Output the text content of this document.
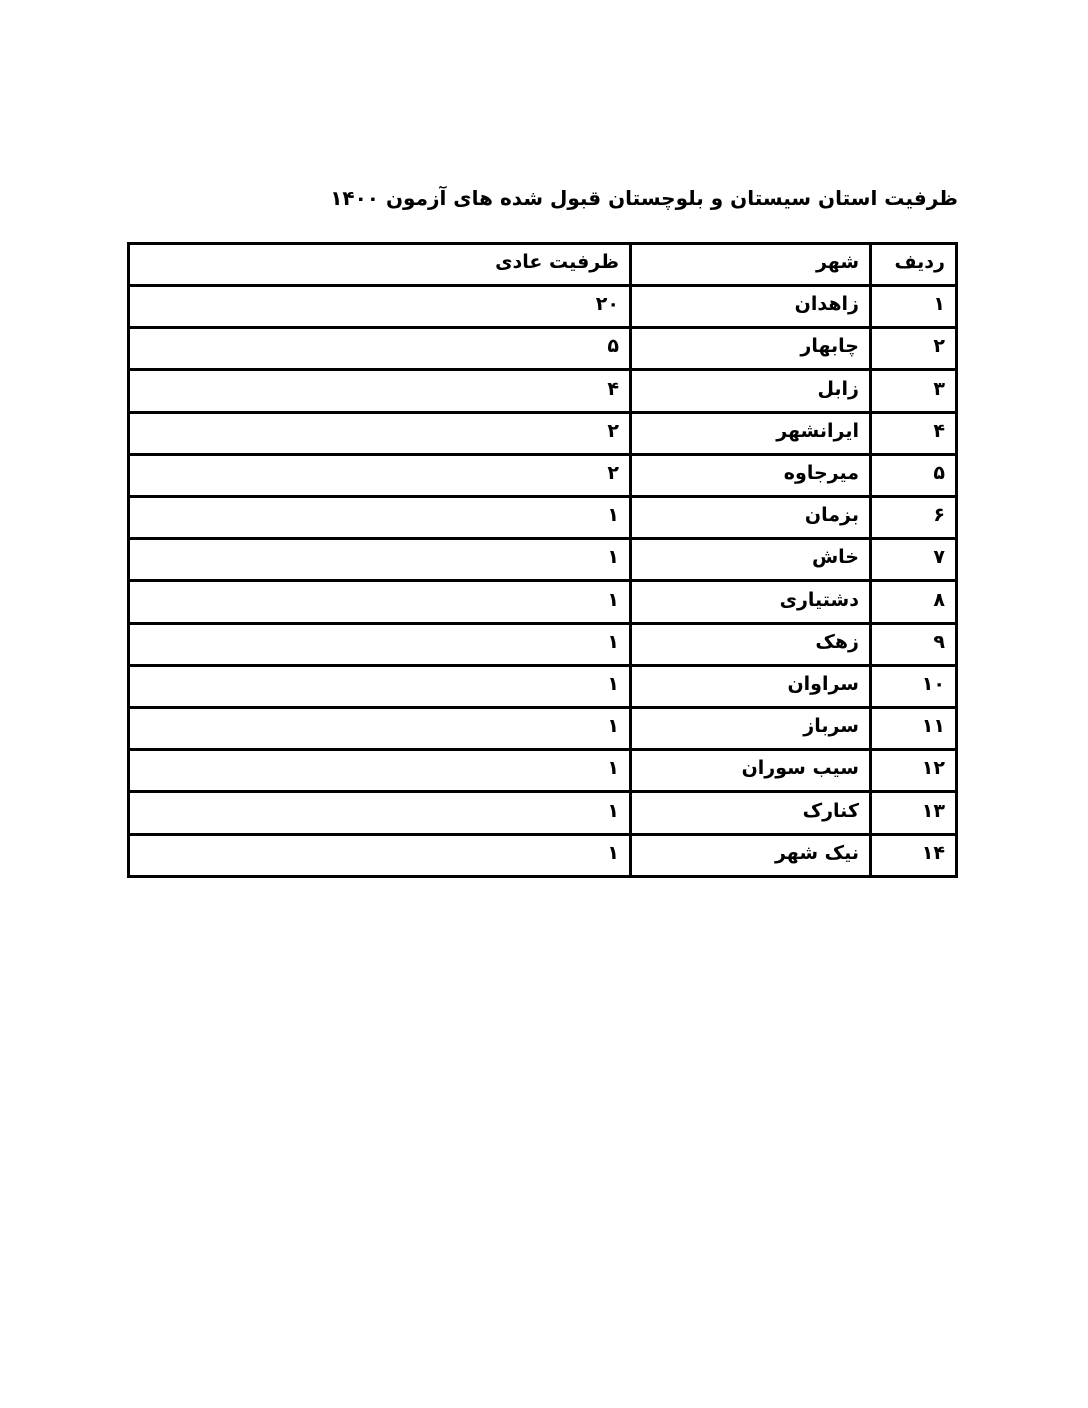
ظرفیت استان سیستان و بلوچستان قبول شده های آزمون ۱۴۰۰
ردیف	شهر	ظرفیت عادی
۱	زاهدان	۲۰
۲	چابهار	۵
۳	زابل	۴
۴	ایرانشهر	۲
۵	میرجاوه	۲
۶	بزمان	۱
۷	خاش	۱
۸	دشتیاری	۱
۹	زهک	۱
۱۰	سراوان	۱
۱۱	سرباز	۱
۱۲	سیب سوران	۱
۱۳	کنارک	۱
۱۴	نیک شهر	۱
